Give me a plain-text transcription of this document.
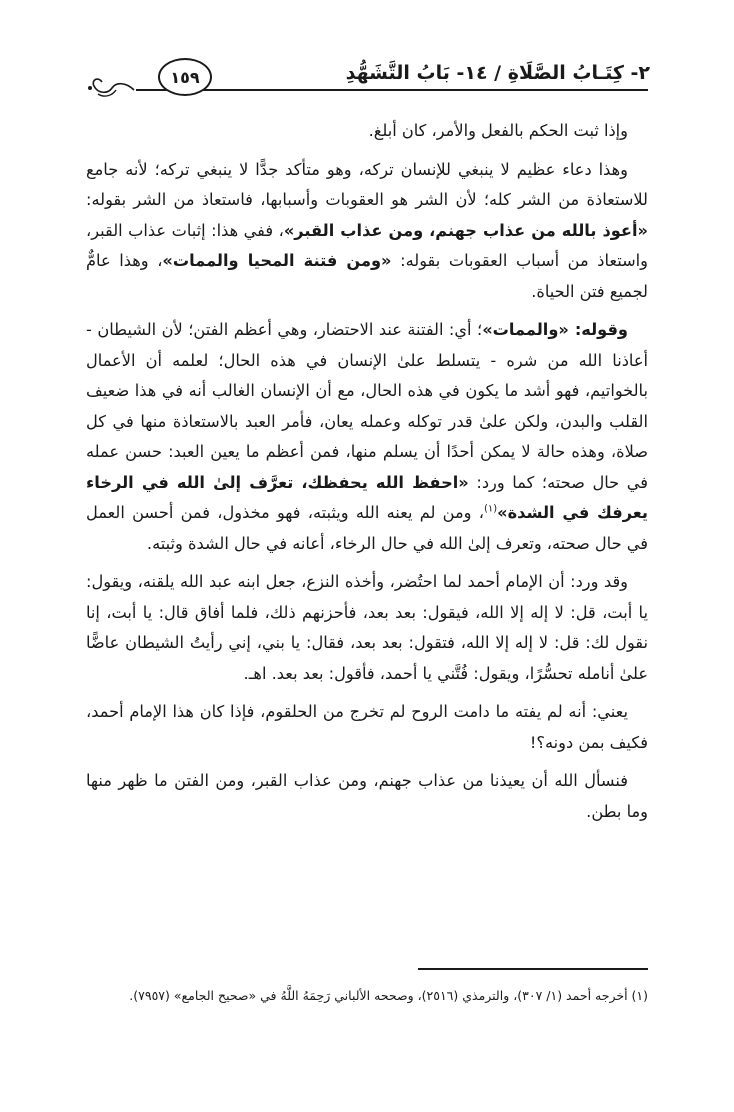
١٥٩	٢- كِتَـابُ الصَّلَاةِ / ١٤- بَابُ التَّشَهُّدِ

وإذا ثبت الحكم بالفعل والأمر، كان أبلغ.

وهذا دعاء عظيم لا ينبغي للإنسان تركه، وهو متأكد جدًّا لا ينبغي تركه؛ لأنه جامع للاستعاذة من الشر كله؛ لأن الشر هو العقوبات وأسبابها، فاستعاذ من الشر بقوله: «أعوذ بالله من عذاب جهنم، ومن عذاب القبر»، ففي هذا: إثبات عذاب القبر، واستعاذ من أسباب العقوبات بقوله: «ومن فتنة المحيا والممات»، وهذا عامٌّ لجميع فتن الحياة.

وقوله: «والممات»؛ أي: الفتنة عند الاحتضار، وهي أعظم الفتن؛ لأن الشيطان - أعاذنا الله من شره - يتسلط علىٰ الإنسان في هذه الحال؛ لعلمه أن الأعمال بالخواتيم، فهو أشد ما يكون في هذه الحال، مع أن الإنسان الغالب أنه في هذا ضعيف القلب والبدن، ولكن علىٰ قدر توكله وعمله يعان، فأمر العبد بالاستعاذة منها في كل صلاة، وهذه حالة لا يمكن أحدًا أن يسلم منها، فمن أعظم ما يعين العبد: حسن عمله في حال صحته؛ كما ورد: «احفظ الله يحفظك، تعرَّف إلىٰ الله في الرخاء يعرفك في الشدة»$^{(١)}$، ومن لم يعنه الله ويثبته، فهو مخذول، فمن أحسن العمل في حال صحته، وتعرف إلىٰ الله في حال الرخاء، أعانه في حال الشدة وثبته.

وقد ورد: أن الإمام أحمد لما احتُضر، وأخذه النزع، جعل ابنه عبد الله يلقنه، ويقول: يا أبت، قل: لا إله إلا الله، فيقول: بعد بعد، فأحزنهم ذلك، فلما أفاق قال: يا أبت، إنا نقول لك: قل: لا إله إلا الله، فتقول: بعد بعد، فقال: يا بني، إني رأيتُ الشيطان عاضًّا علىٰ أنامله تحسُّرًا، ويقول: فُتَّني يا أحمد، فأقول: بعد بعد. اهـ.

يعني: أنه لم يفته ما دامت الروح لم تخرج من الحلقوم، فإذا كان هذا الإمام أحمد، فكيف بمن دونه؟!

فنسأل الله أن يعيذنا من عذاب جهنم، ومن عذاب القبر، ومن الفتن ما ظهر منها وما بطن.

(١) أخرجه أحمد (١/ ٣٠٧)، والترمذي (٢٥١٦)، وصححه الألباني رَحِمَهُ اللَّهُ في «صحيح الجامع» (٧٩٥٧).
